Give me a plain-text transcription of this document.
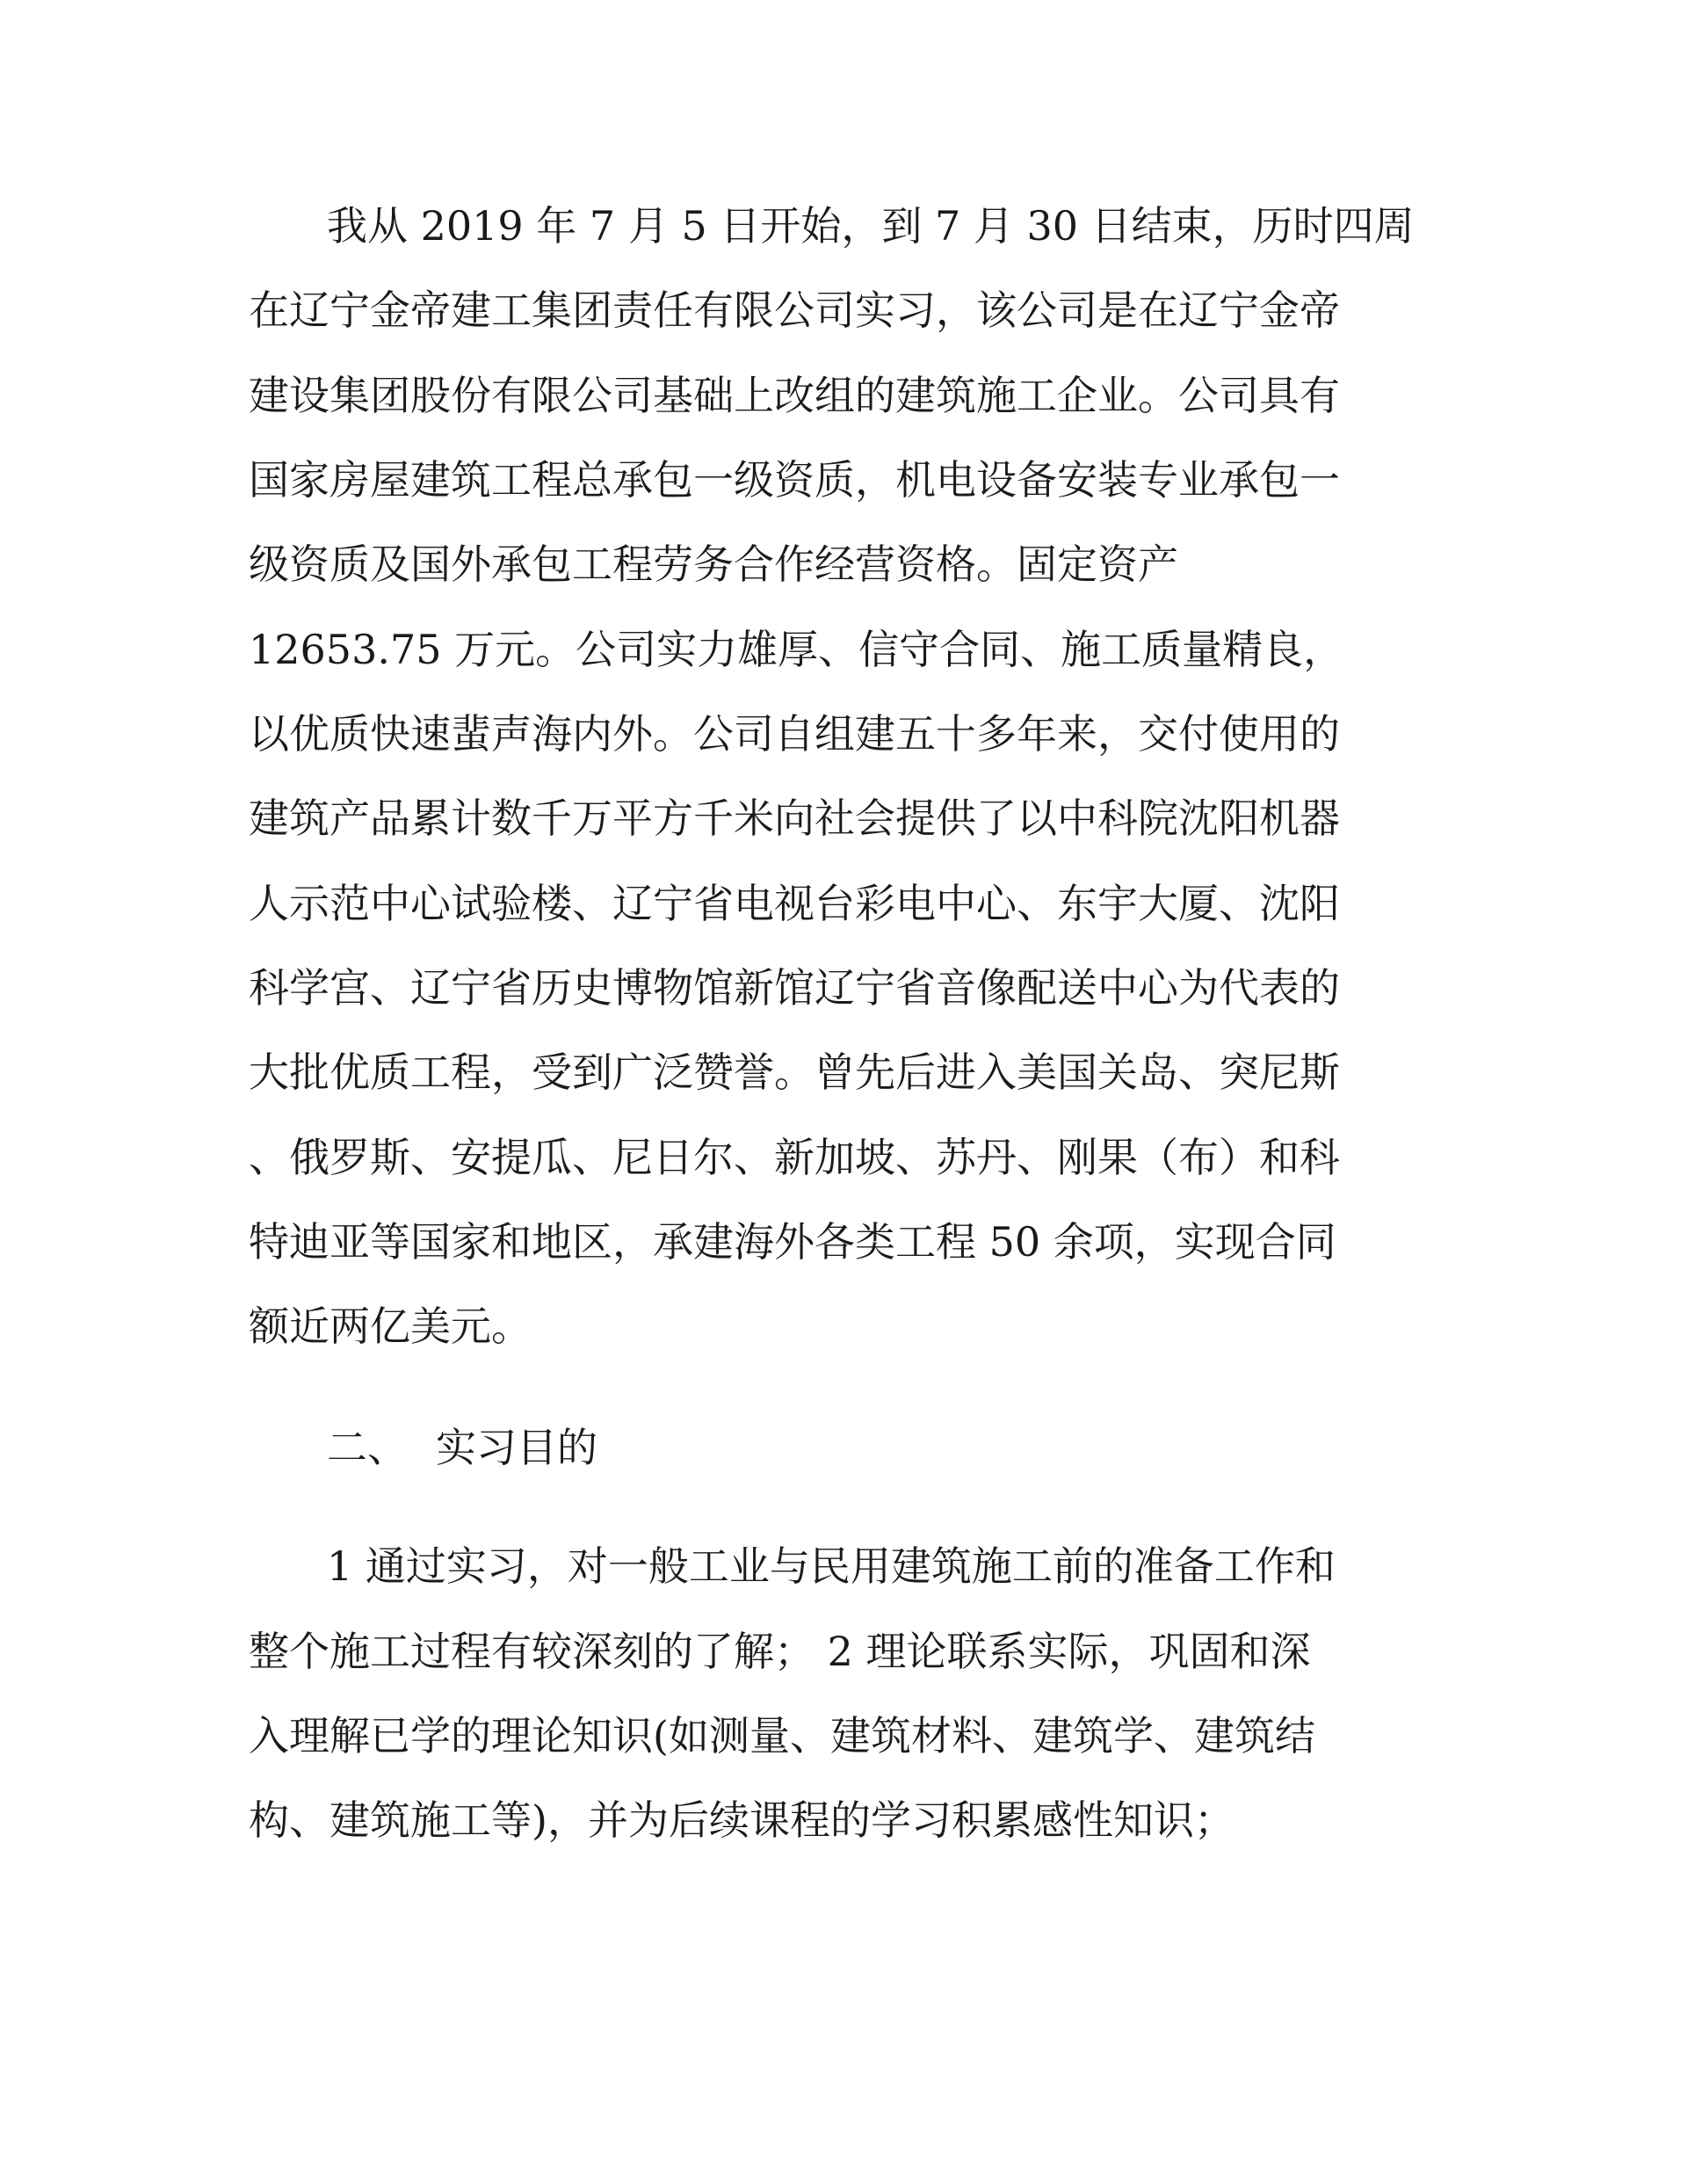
我从 2019 年 7 月 5 日开始，到 7 月 30 日结束，历时四周
在辽宁金帝建工集团责任有限公司实习，该公司是在辽宁金帝
建设集团股份有限公司基础上改组的建筑施工企业。公司具有
国家房屋建筑工程总承包一级资质，机电设备安装专业承包一
级资质及国外承包工程劳务合作经营资格。固定资产
12653.75 万元。公司实力雄厚、信守合同、施工质量精良，
以优质快速蜚声海内外。公司自组建五十多年来，交付使用的
建筑产品累计数千万平方千米向社会提供了以中科院沈阳机器
人示范中心试验楼、辽宁省电视台彩电中心、东宇大厦、沈阳
科学宫、辽宁省历史博物馆新馆辽宁省音像配送中心为代表的
大批优质工程，受到广泛赞誉。曾先后进入美国关岛、突尼斯
、俄罗斯、安提瓜、尼日尔、新加坡、苏丹、刚果（布）和科
特迪亚等国家和地区，承建海外各类工程 50 余项，实现合同
额近两亿美元。
二、 实习目的
1 通过实习，对一般工业与民用建筑施工前的准备工作和
整个施工过程有较深刻的了解； 2 理论联系实际，巩固和深
入理解已学的理论知识(如测量、建筑材料、建筑学、建筑结
构、建筑施工等)，并为后续课程的学习积累感性知识；
